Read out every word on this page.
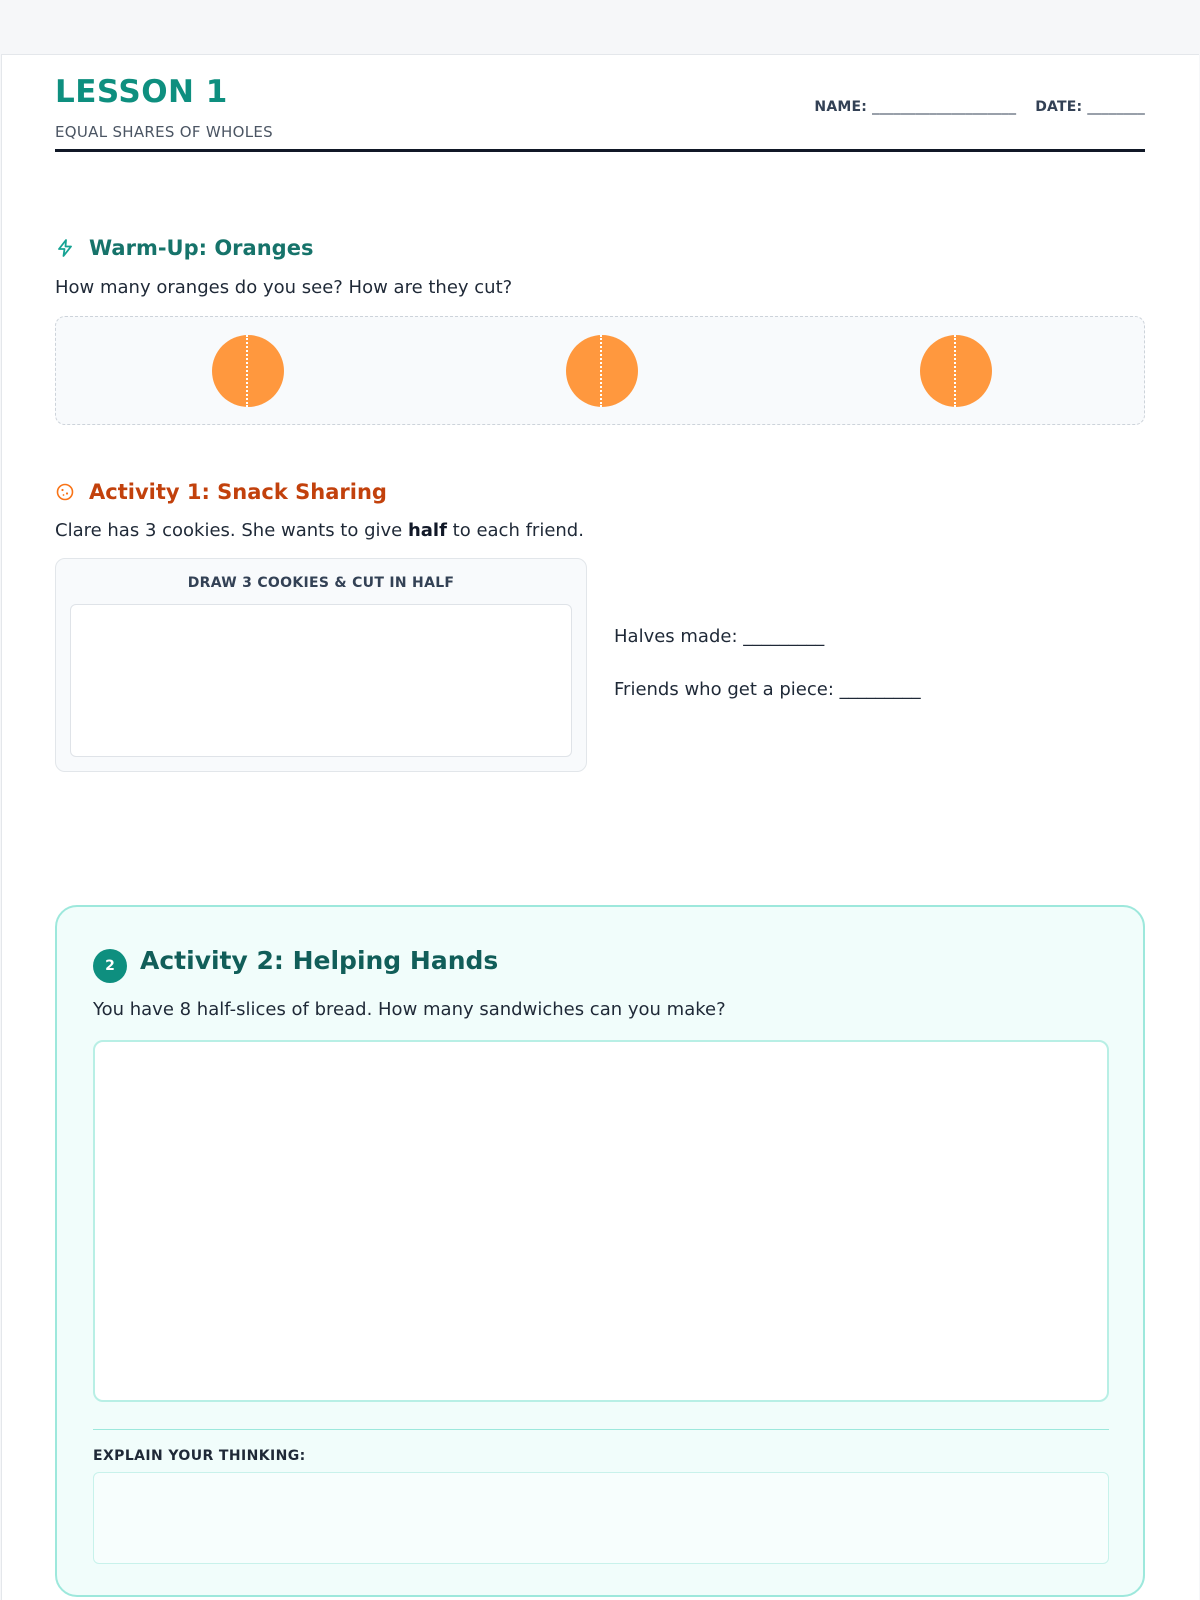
LESSON 1
EQUAL SHARES OF WHOLES
NAME: ____________________ DATE: ________
Warm-Up: Oranges
How many oranges do you see? How are they cut?
Activity 1: Snack Sharing
Clare has 3 cookies. She wants to give half to each friend.
DRAW 3 COOKIES & CUT IN HALF
Halves made: _________
Friends who get a piece: _________
2	Activity 2: Helping Hands
You have 8 half-slices of bread. How many sandwiches can you make?
EXPLAIN YOUR THINKING:
